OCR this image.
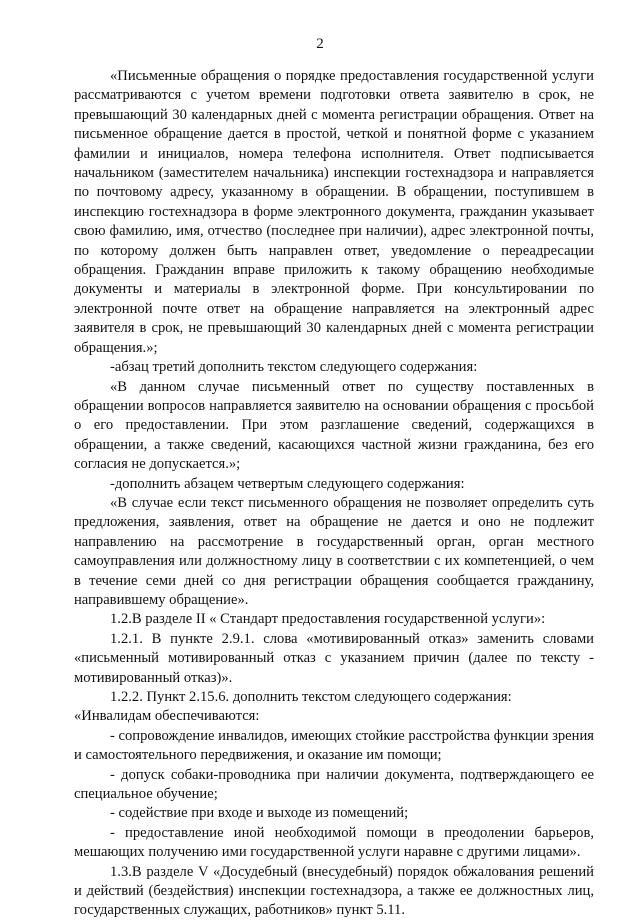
2

«Письменные обращения о порядке предоставления государственной услуги рассматриваются с учетом времени подготовки ответа заявителю в срок, не превышающий 30 календарных дней с момента регистрации обращения. Ответ на письменное обращение дается в простой, четкой и понятной форме с указанием фамилии и инициалов, номера телефона исполнителя. Ответ подписывается начальником (заместителем начальника) инспекции гостехнадзора и направляется по почтовому адресу, указанному в обращении. В обращении, поступившем в инспекцию гостехнадзора в форме электронного документа, гражданин указывает свою фамилию, имя, отчество (последнее при наличии), адрес электронной почты, по которому должен быть направлен ответ, уведомление о переадресации обращения. Гражданин вправе приложить к такому обращению необходимые документы и материалы в электронной форме. При консультировании по электронной почте ответ на обращение направляется на электронный адрес заявителя в срок, не превышающий 30 календарных дней с момента регистрации обращения.»;

-абзац третий дополнить текстом следующего содержания:

«В данном случае письменный ответ по существу поставленных в обращении вопросов направляется заявителю на основании обращения с просьбой о его предоставлении. При этом разглашение сведений, содержащихся в обращении, а также сведений, касающихся частной жизни гражданина, без его согласия не допускается.»;

-дополнить абзацем четвертым следующего содержания:

«В случае если текст письменного обращения не позволяет определить суть предложения, заявления, ответ на обращение не дается и оно не подлежит направлению на рассмотрение в государственный орган, орган местного самоуправления или должностному лицу в соответствии с их компетенцией, о чем в течение семи дней со дня регистрации обращения сообщается гражданину, направившему обращение».

1.2.В разделе II « Стандарт предоставления государственной услуги»:

1.2.1. В пункте 2.9.1. слова «мотивированный отказ» заменить словами «письменный мотивированный отказ с указанием причин (далее по тексту - мотивированный отказ)».

1.2.2. Пункт 2.15.6. дополнить текстом следующего содержания:

«Инвалидам обеспечиваются:

- сопровождение инвалидов, имеющих стойкие расстройства функции зрения и самостоятельного передвижения, и оказание им помощи;

- допуск собаки-проводника при наличии документа, подтверждающего ее специальное обучение;

- содействие при входе и выходе из помещений;

- предоставление иной необходимой помощи в преодолении барьеров, мешающих получению ими государственной услуги наравне с другими лицами».

1.3.В разделе V «Досудебный (внесудебный) порядок обжалования решений и действий (бездействия) инспекции гостехнадзора, а также ее должностных лиц, государственных служащих, работников» пункт 5.11.
